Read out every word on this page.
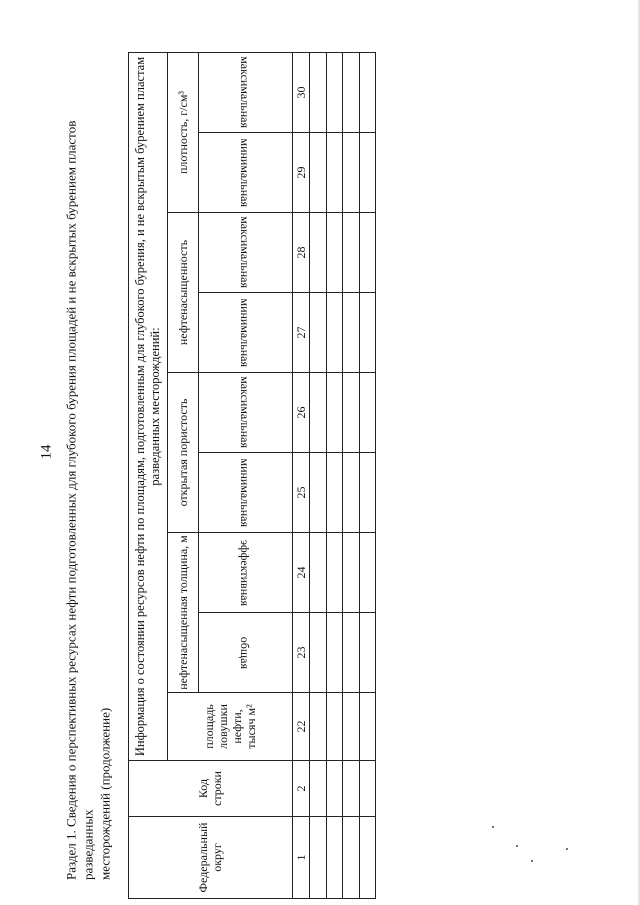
14 Раздел 1. Сведения о перспективных ресурсах нефти подготовленных для глубокого бурения площадей и не вскрытых бурением пластов разведанных месторождений (продолжение)	Федеральный округ	Код строки	Информация о состоянии ресурсов нефти по площадям, подготовленным для глубокого бурения, и не вскрытым бурением пластам разведанных месторождений:								
		площадь ловушки нефти, тысяч м²	нефтенасыщенная толщина, м		открытая пористость		нефтенасыщенность		плотность, г/см³	
			общая	эффективная	минимальная	максимальная	минимальная	максимальная	минимальная	максимальная
1	2	22	23	24	25	26	27	28	29	30
